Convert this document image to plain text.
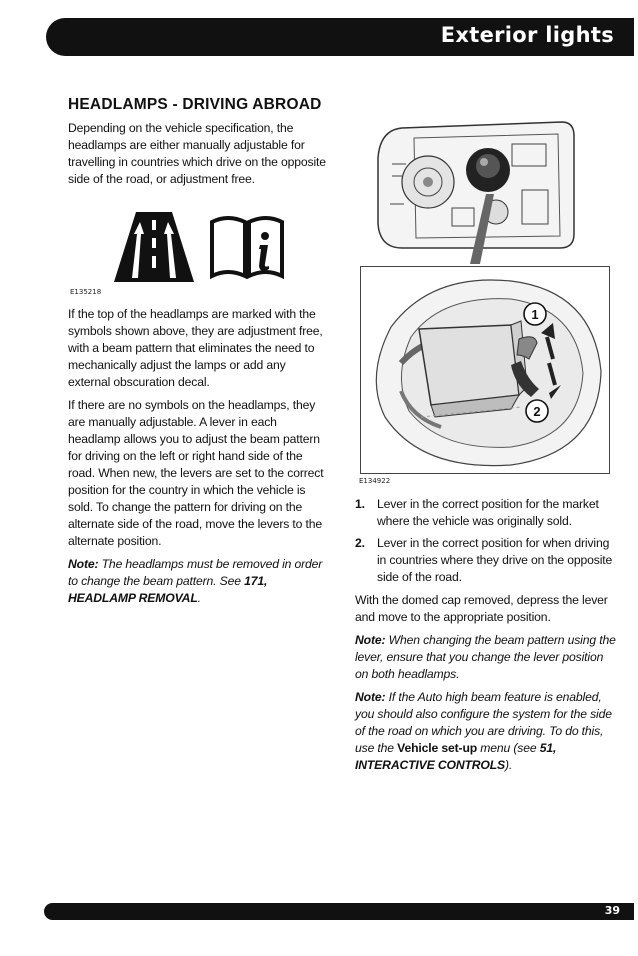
Exterior lights
HEADLAMPS - DRIVING ABROAD

Depending on the vehicle specification, the headlamps are either manually adjustable for travelling in countries which drive on the opposite side of the road, or adjustment free.

E135218

If the top of the headlamps are marked with the symbols shown above, they are adjustment free, with a beam pattern that eliminates the need to mechanically adjust the lamps or add any external obscuration decal.

If there are no symbols on the headlamps, they are manually adjustable. A lever in each headlamp allows you to adjust the beam pattern for driving on the left or right hand side of the road. When new, the levers are set to the correct position for the country in which the vehicle is sold. To change the pattern for driving on the alternate side of the road, move the levers to the alternate position.

Note: The headlamps must be removed in order to change the beam pattern. See 171, HEADLAMP REMOVAL.

1
2
E134922
1. Lever in the correct position for the market where the vehicle was originally sold.
2. Lever in the correct position for when driving in countries where they drive on the opposite side of the road.

With the domed cap removed, depress the lever and move to the appropriate position.

Note: When changing the beam pattern using the lever, ensure that you change the lever position on both headlamps.

Note: If the Auto high beam feature is enabled, you should also configure the system for the side of the road on which you are driving. To do this, use the Vehicle set-up menu (see 51, INTERACTIVE CONTROLS).

39
